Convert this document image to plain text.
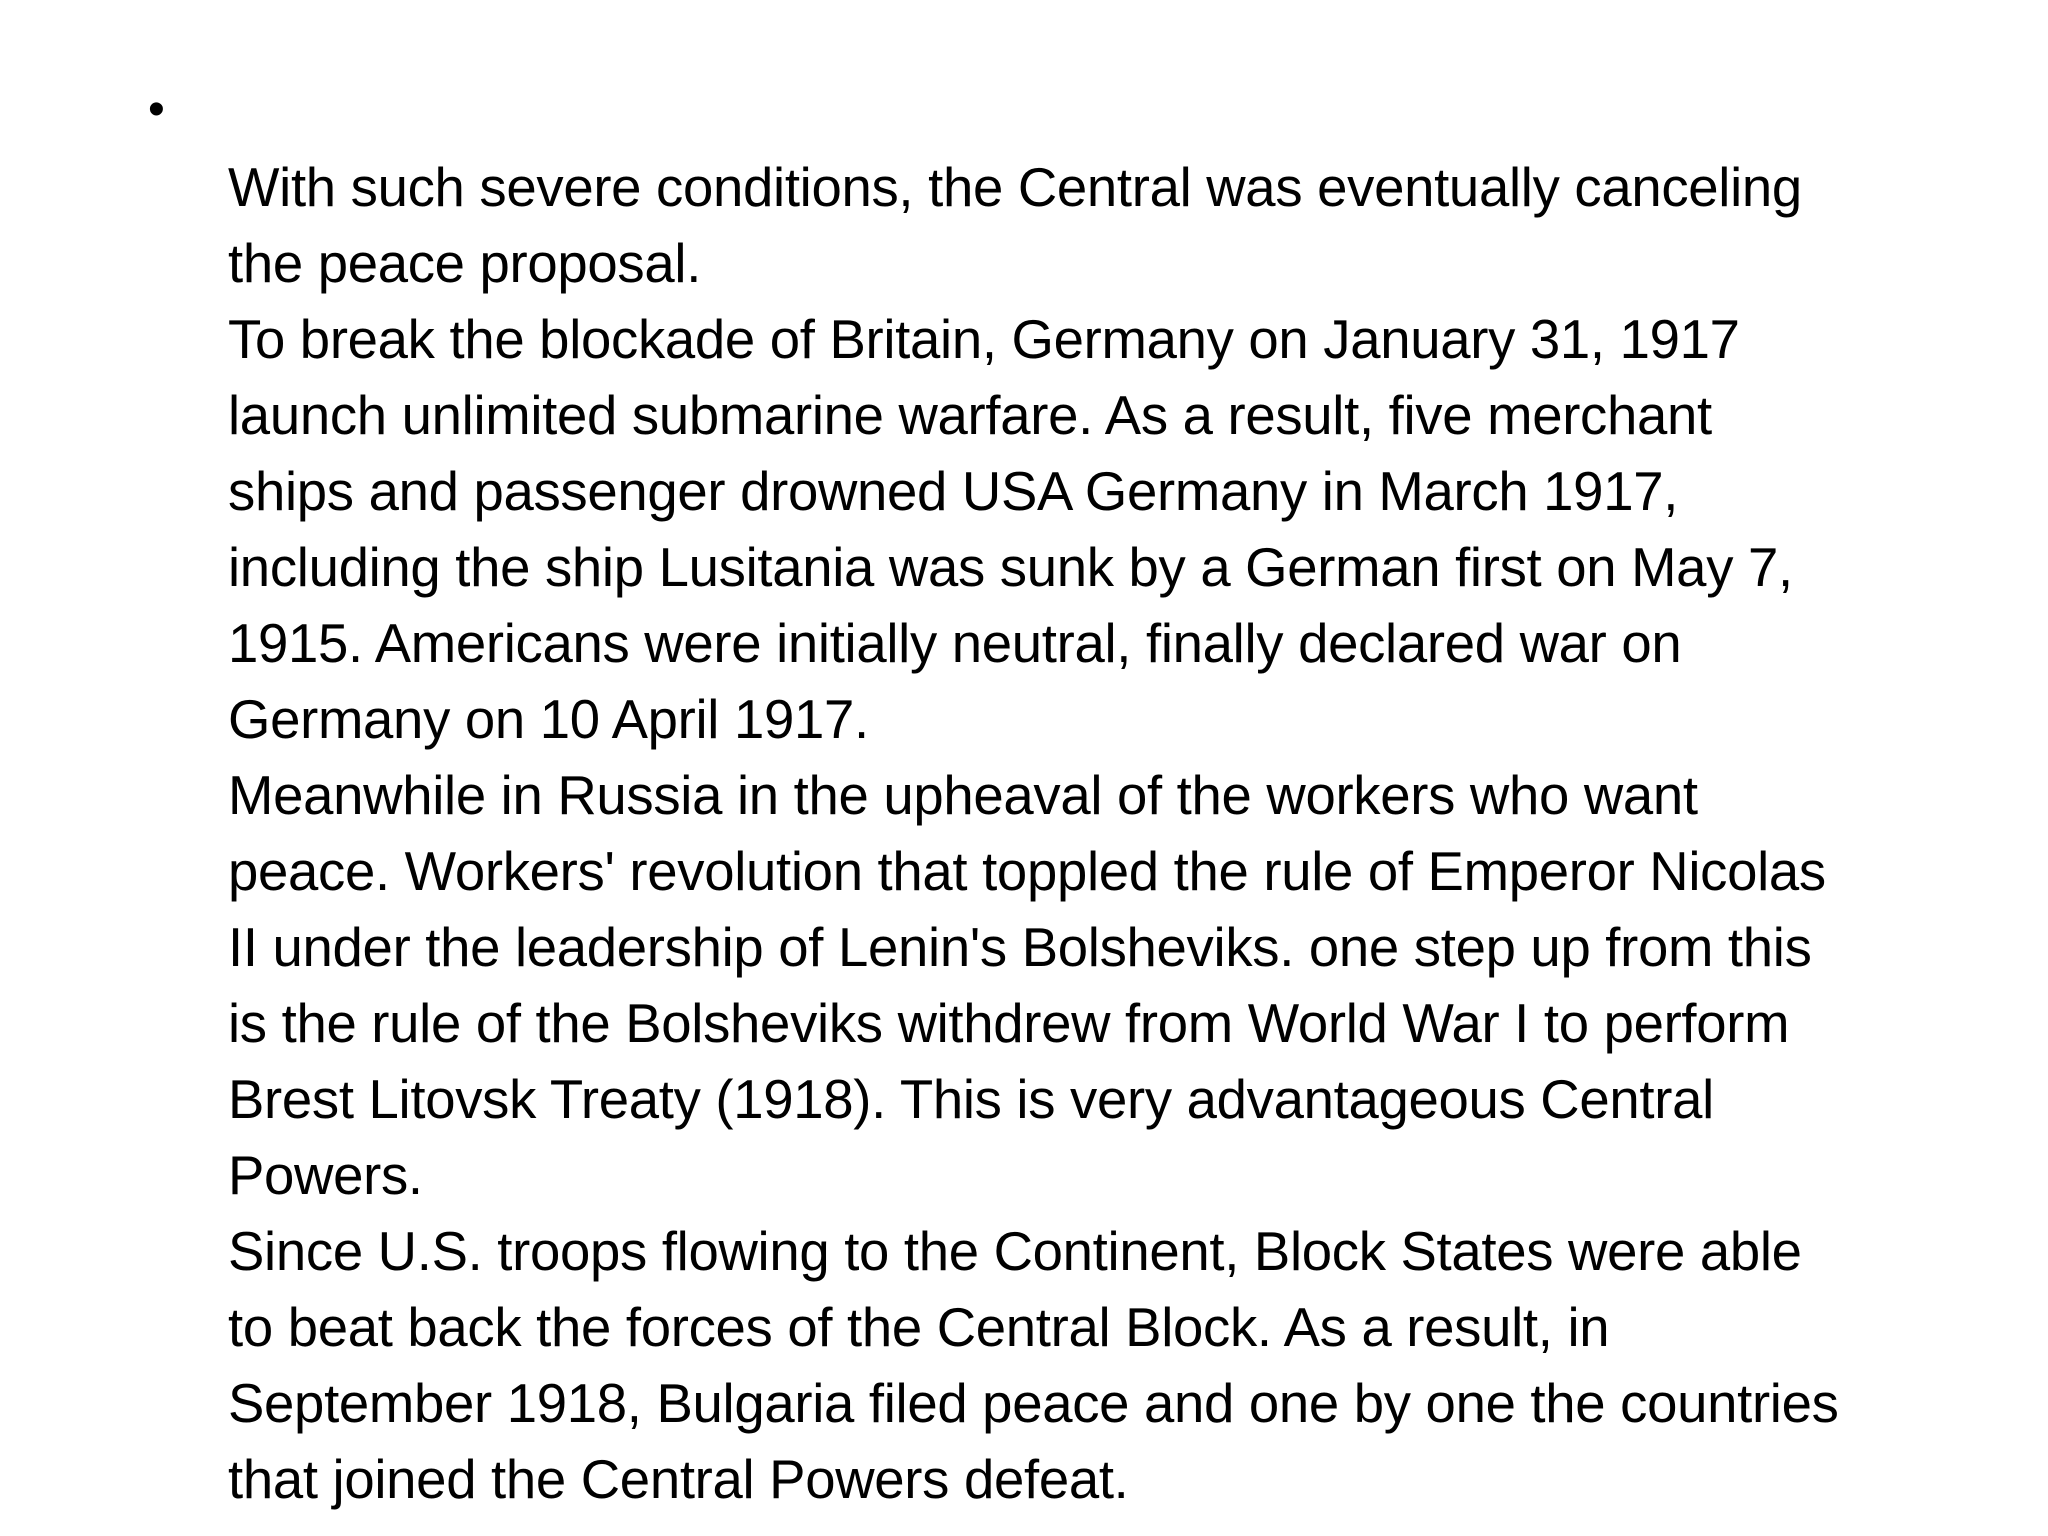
•
With such severe conditions, the Central was eventually canceling
the peace proposal.
To break the blockade of Britain, Germany on January 31, 1917
launch unlimited submarine warfare. As a result, five merchant
ships and passenger drowned USA Germany in March 1917,
including the ship Lusitania was sunk by a German first on May 7,
1915. Americans were initially neutral, finally declared war on
Germany on 10 April 1917.
Meanwhile in Russia in the upheaval of the workers who want
peace. Workers' revolution that toppled the rule of Emperor Nicolas
II under the leadership of Lenin's Bolsheviks. one step up from this
is the rule of the Bolsheviks withdrew from World War I to perform
Brest Litovsk Treaty (1918). This is very advantageous Central
Powers.
Since U.S. troops flowing to the Continent, Block States were able
to beat back the forces of the Central Block. As a result, in
September 1918, Bulgaria filed peace and one by one the countries
that joined the Central Powers defeat.
